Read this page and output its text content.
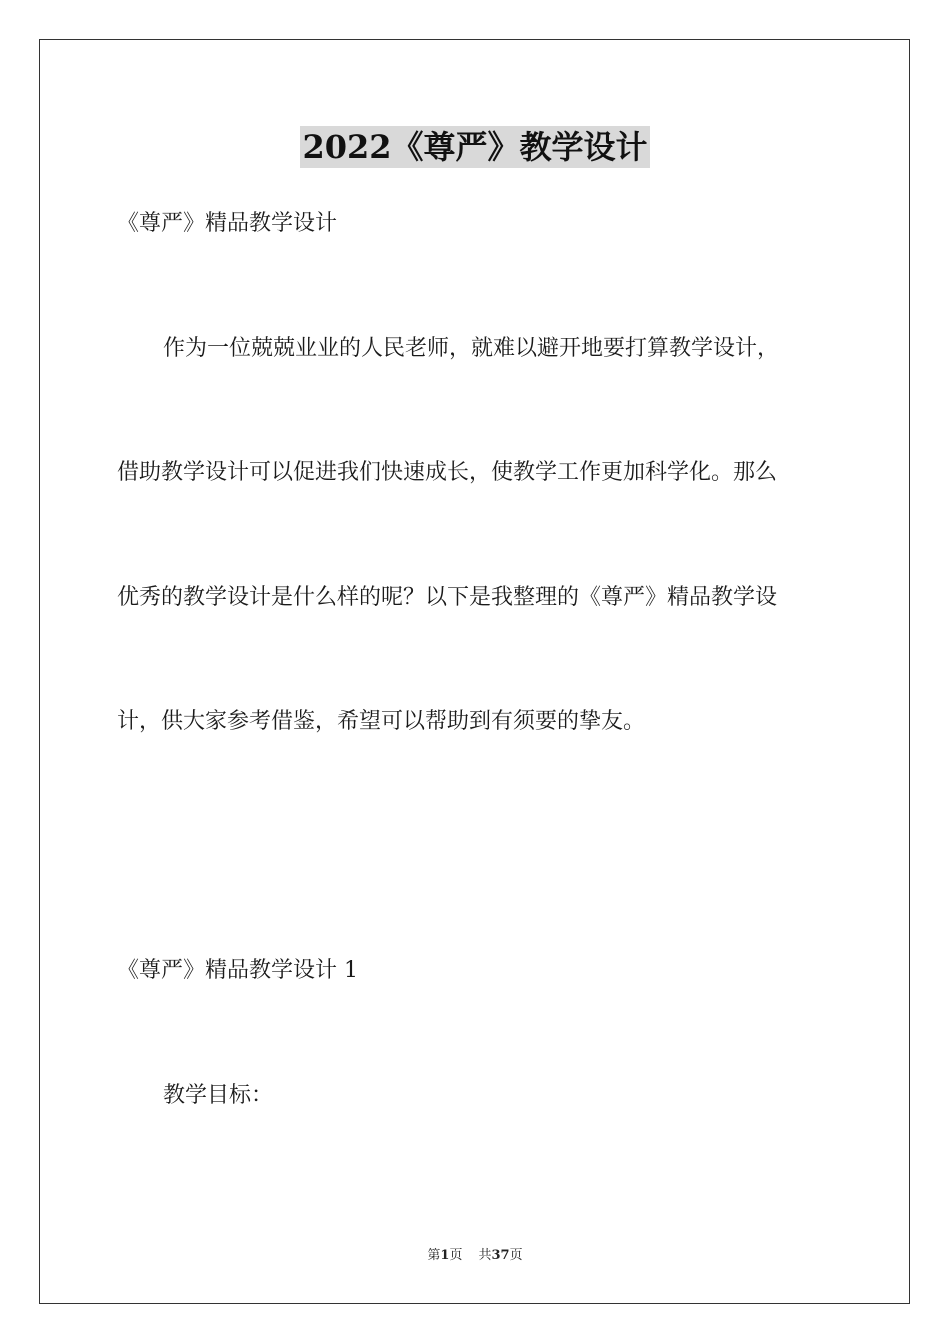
2022《尊严》教学设计

《尊严》精品教学设计

作为一位兢兢业业的人民老师，就难以避开地要打算教学设计，

借助教学设计可以促进我们快速成长，使教学工作更加科学化。那么

优秀的教学设计是什么样的呢？以下是我整理的《尊严》精品教学设

计，供大家参考借鉴，希望可以帮助到有须要的挚友。

《尊严》精品教学设计 1

教学目标：

第1页 共37页
